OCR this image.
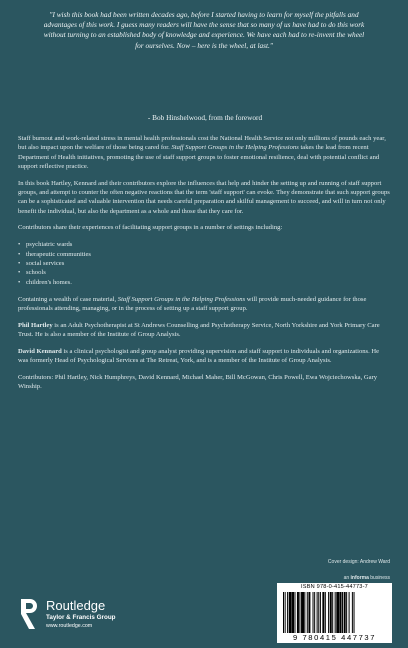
"I wish this book had been written decades ago, before I started having to learn for myself the pitfalls and advantages of this work. I guess many readers will have the sense that so many of us have had to do this work without turning to an established body of knowledge and experience. We have each had to re-invent the wheel for ourselves. Now – here is the wheel, at last."
- Bob Hinshelwood, from the foreword

Staff burnout and work-related stress in mental health professionals cost the National Health Service not only millions of pounds each year, but also impact upon the welfare of those being cared for. Staff Support Groups in the Helping Professions takes the lead from recent Department of Health initiatives, promoting the use of staff support groups to foster emotional resilience, deal with potential conflict and support reflective practice.

In this book Hartley, Kennard and their contributors explore the influences that help and hinder the setting up and running of staff support groups, and attempt to counter the often negative reactions that the term 'staff support' can evoke. They demonstrate that such support groups can be a sophisticated and valuable intervention that needs careful preparation and skilful management to succeed, and will in turn not only benefit the individual, but also the department as a whole and those that they care for.

Contributors share their experiences of facilitating support groups in a number of settings including:

• psychiatric wards
• therapeutic communities
• social services
• schools
• children's homes.

Containing a wealth of case material, Staff Support Groups in the Helping Professions will provide much-needed guidance for those professionals attending, managing, or in the process of setting up a staff support group.

Phil Hartley is an Adult Psychotherapist at St Andrews Counselling and Psychotherapy Service, North Yorkshire and York Primary Care Trust. He is also a member of the Institute of Group Analysis.

David Kennard is a clinical psychologist and group analyst providing supervision and staff support to individuals and organizations. He was formerly Head of Psychological Services at The Retreat, York, and is a member of the Institute of Group Analysis.

Contributors: Phil Hartley, Nick Humphreys, David Kennard, Michael Maher, Bill McGowan, Chris Powell, Ewa Wojciechowska, Gary Winship.

Cover design: Andrew Ward
an informa business
Routledge
Taylor & Francis Group
www.routledge.com
ISBN 978-0-415-44773-7
9 780415 447737
